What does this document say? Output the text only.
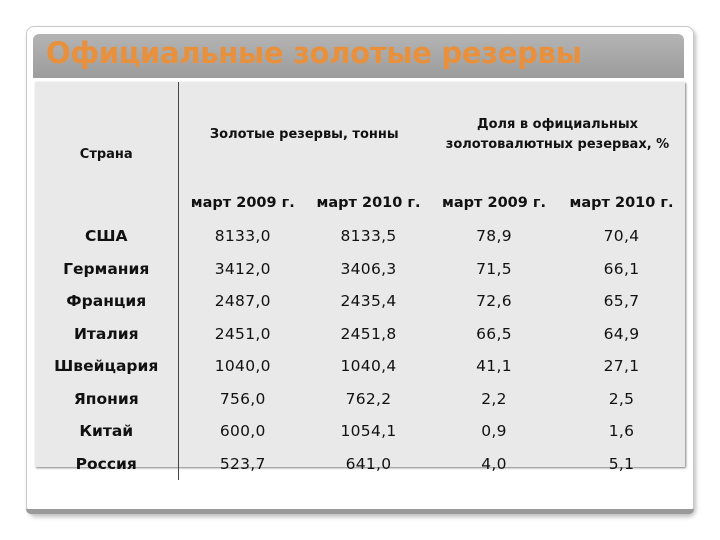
Официальные золотые резервы
Страна	Золотые резервы, тонны		Доля в официальных золотовалютных резервах, %	
	март 2009 г.	март 2010 г.	март 2009 г.	март 2010 г.
США	8133,0	8133,5	78,9	70,4
Германия	3412,0	3406,3	71,5	66,1
Франция	2487,0	2435,4	72,6	65,7
Италия	2451,0	2451,8	66,5	64,9
Швейцария	1040,0	1040,4	41,1	27,1
Япония	756,0	762,2	2,2	2,5
Китай	600,0	1054,1	0,9	1,6
Россия	523,7	641,0	4,0	5,1
